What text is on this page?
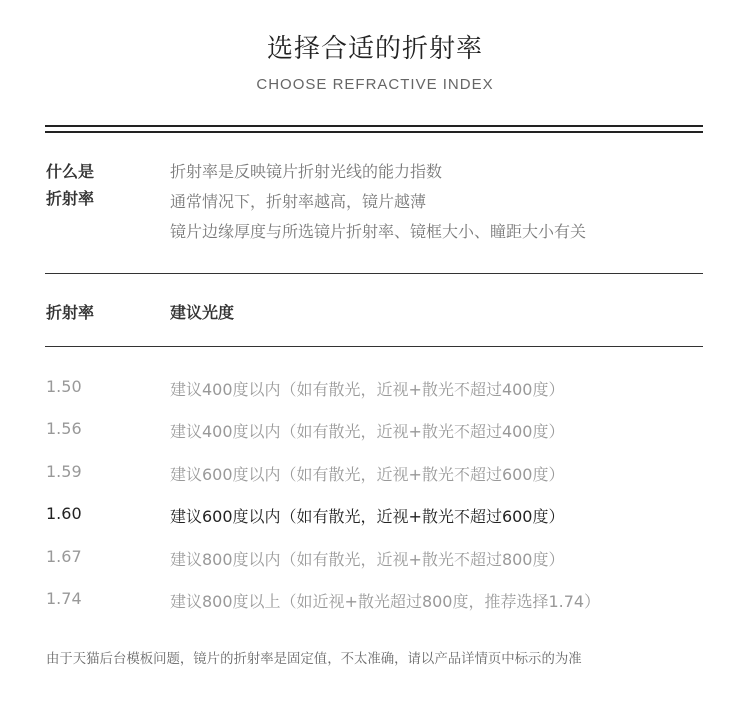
选择合适的折射率
CHOOSE REFRACTIVE INDEX
什么是
折射率
折射率是反映镜片折射光线的能力指数
通常情况下，折射率越高，镜片越薄
镜片边缘厚度与所选镜片折射率、镜框大小、瞳距大小有关
折射率	建议光度
1.50	建议400度以内（如有散光，近视+散光不超过400度）
1.56	建议400度以内（如有散光，近视+散光不超过400度）
1.59	建议600度以内（如有散光，近视+散光不超过600度）
1.60	建议600度以内（如有散光，近视+散光不超过600度）
1.67	建议800度以内（如有散光，近视+散光不超过800度）
1.74	建议800度以上（如近视+散光超过800度，推荐选择1.74）
由于天猫后台模板问题，镜片的折射率是固定值，不太准确，请以产品详情页中标示的为准
